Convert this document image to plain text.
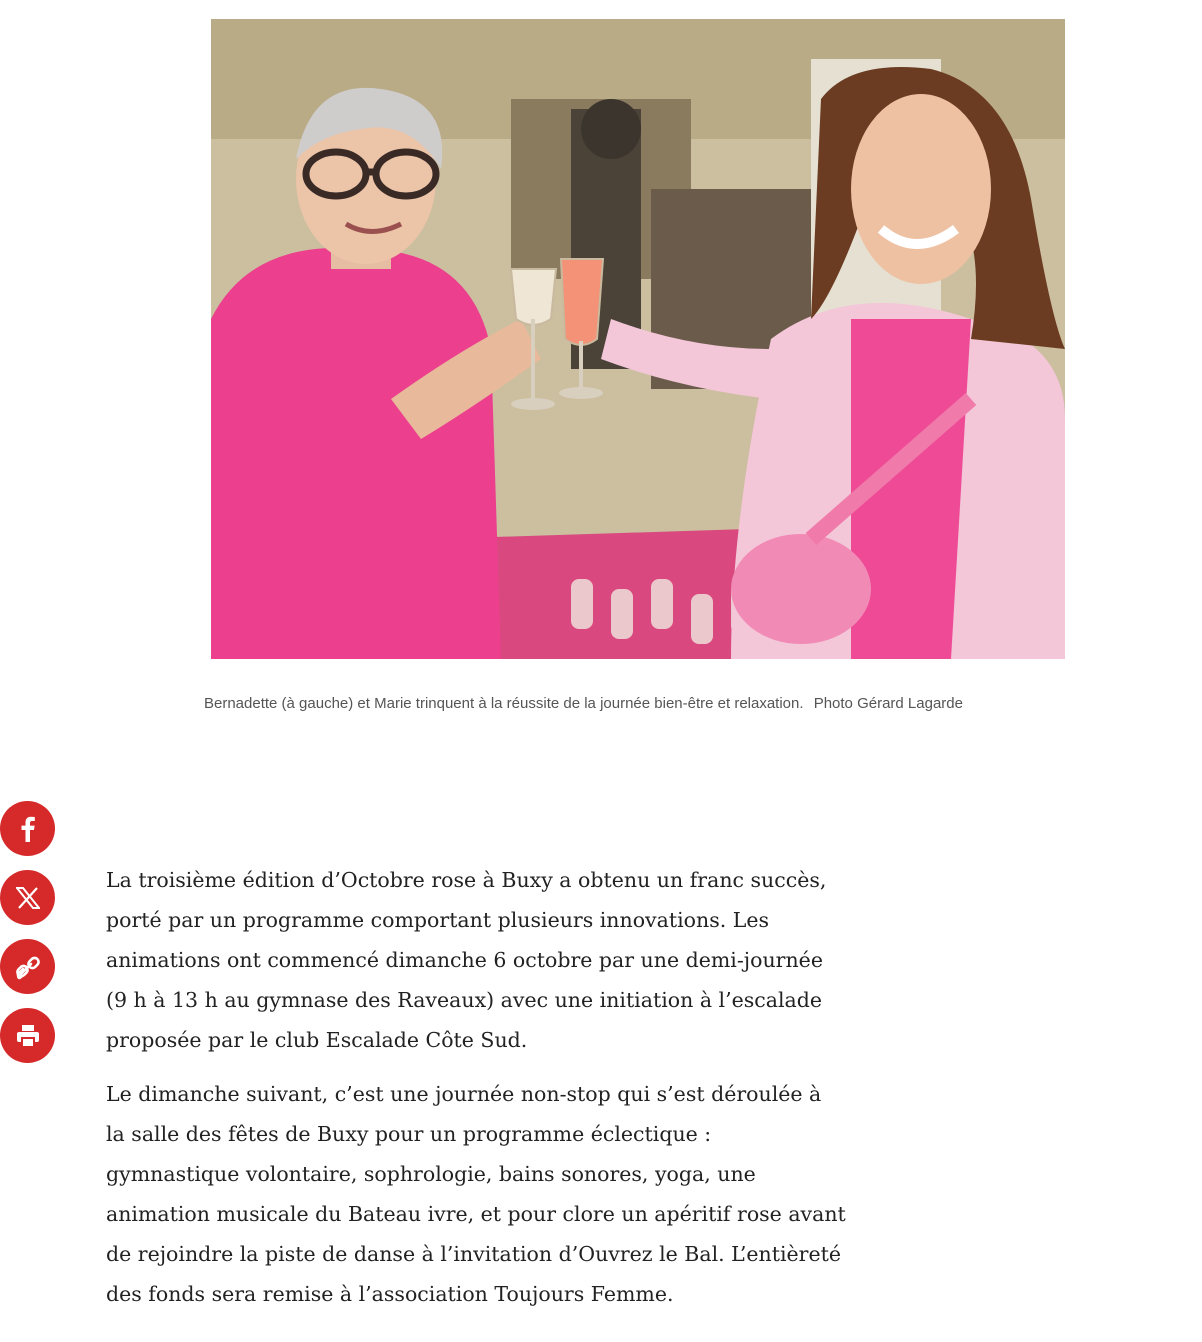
Bernadette (à gauche) et Marie trinquent à la réussite de la journée bien-être et relaxation. Photo Gérard Lagarde

La troisième édition d’Octobre rose à Buxy a obtenu un franc succès, porté par un programme comportant plusieurs innovations. Les animations ont commencé dimanche 6 octobre par une demi-journée (9 h à 13 h au gymnase des Raveaux) avec une initiation à l’escalade proposée par le club Escalade Côte Sud.

Le dimanche suivant, c’est une journée non-stop qui s’est déroulée à la salle des fêtes de Buxy pour un programme éclectique : gymnastique volontaire, sophrologie, bains sonores, yoga, une animation musicale du Bateau ivre, et pour clore un apéritif rose avant de rejoindre la piste de danse à l’invitation d’Ouvrez le Bal. L’entièreté des fonds sera remise à l’association Toujours Femme.
